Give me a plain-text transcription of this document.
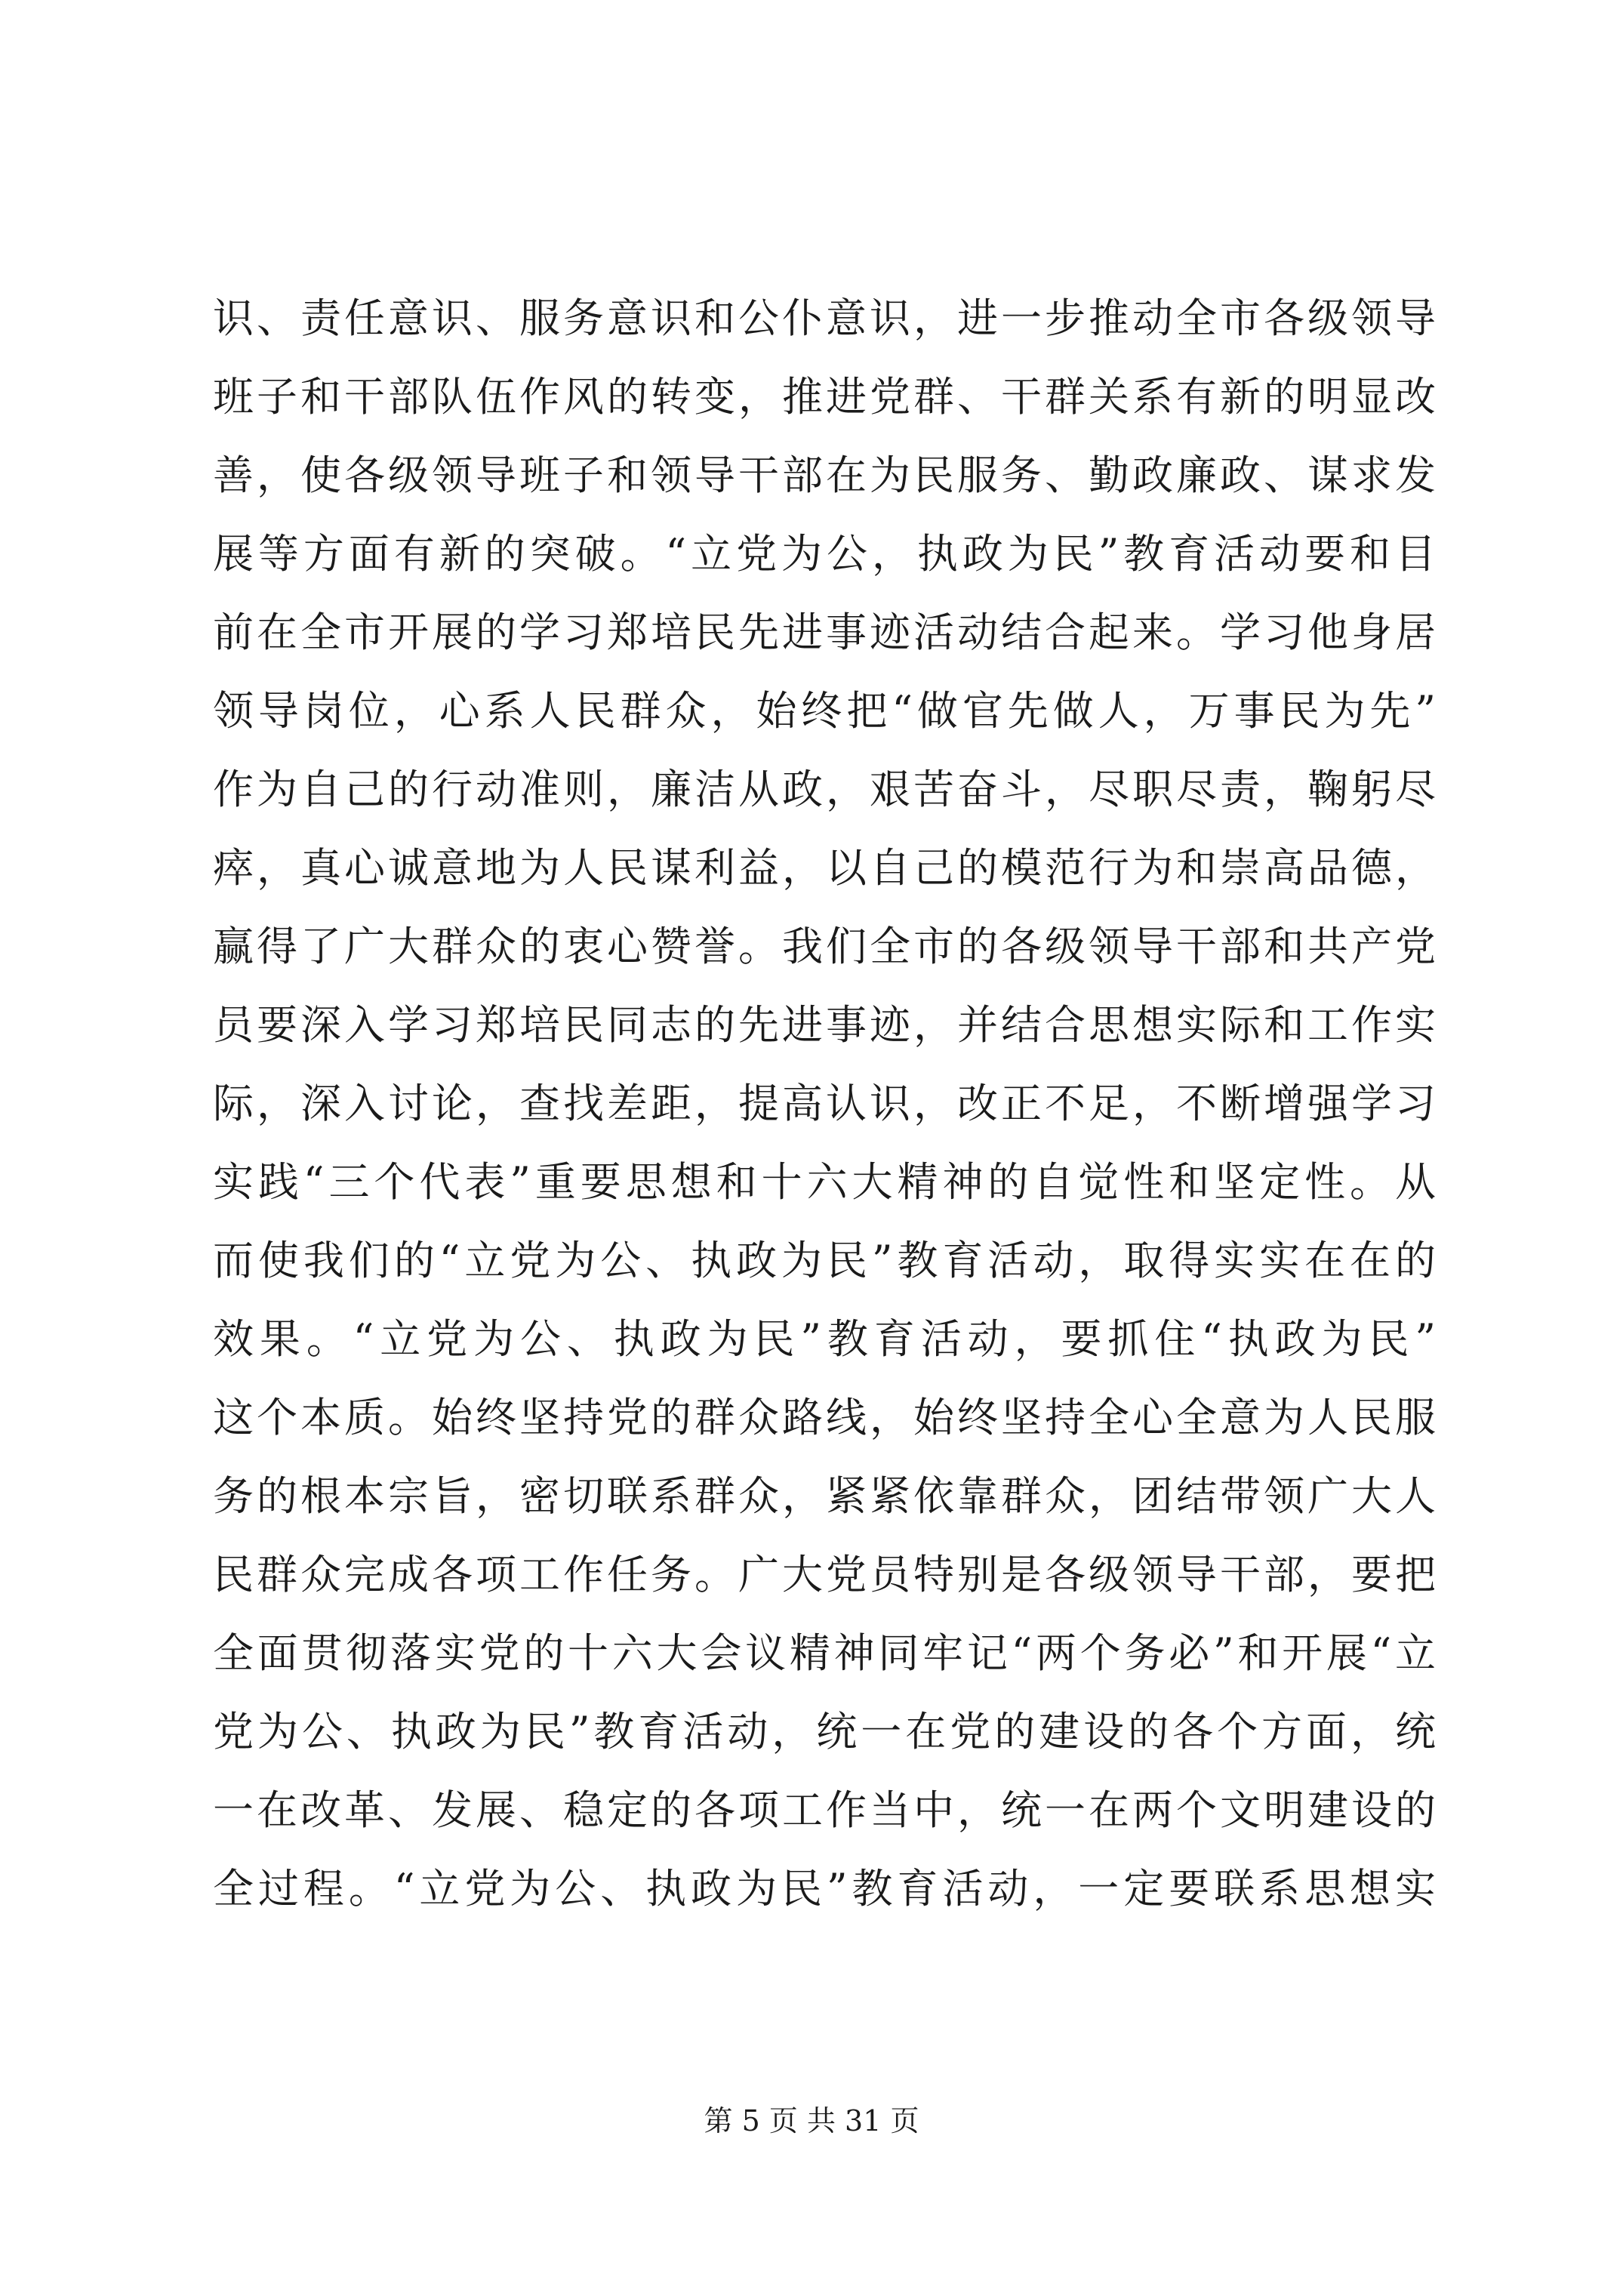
识、责任意识、服务意识和公仆意识，进一步推动全市各级领导
班子和干部队伍作风的转变，推进党群、干群关系有新的明显改
善，使各级领导班子和领导干部在为民服务、勤政廉政、谋求发
展等方面有新的突破。“立党为公，执政为民”教育活动要和目
前在全市开展的学习郑培民先进事迹活动结合起来。学习他身居
领导岗位，心系人民群众，始终把“做官先做人，万事民为先”
作为自己的行动准则，廉洁从政，艰苦奋斗，尽职尽责，鞠躬尽
瘁，真心诚意地为人民谋利益，以自己的模范行为和崇高品德，
赢得了广大群众的衷心赞誉。我们全市的各级领导干部和共产党
员要深入学习郑培民同志的先进事迹，并结合思想实际和工作实
际，深入讨论，查找差距，提高认识，改正不足，不断增强学习
实践“三个代表”重要思想和十六大精神的自觉性和坚定性。从
而使我们的“立党为公、执政为民”教育活动，取得实实在在的
效果。“立党为公、执政为民”教育活动，要抓住“执政为民”
这个本质。始终坚持党的群众路线，始终坚持全心全意为人民服
务的根本宗旨，密切联系群众，紧紧依靠群众，团结带领广大人
民群众完成各项工作任务。广大党员特别是各级领导干部，要把
全面贯彻落实党的十六大会议精神同牢记“两个务必”和开展“立
党为公、执政为民”教育活动，统一在党的建设的各个方面，统
一在改革、发展、稳定的各项工作当中，统一在两个文明建设的
全过程。“立党为公、执政为民”教育活动，一定要联系思想实
第 5 页 共 31 页
